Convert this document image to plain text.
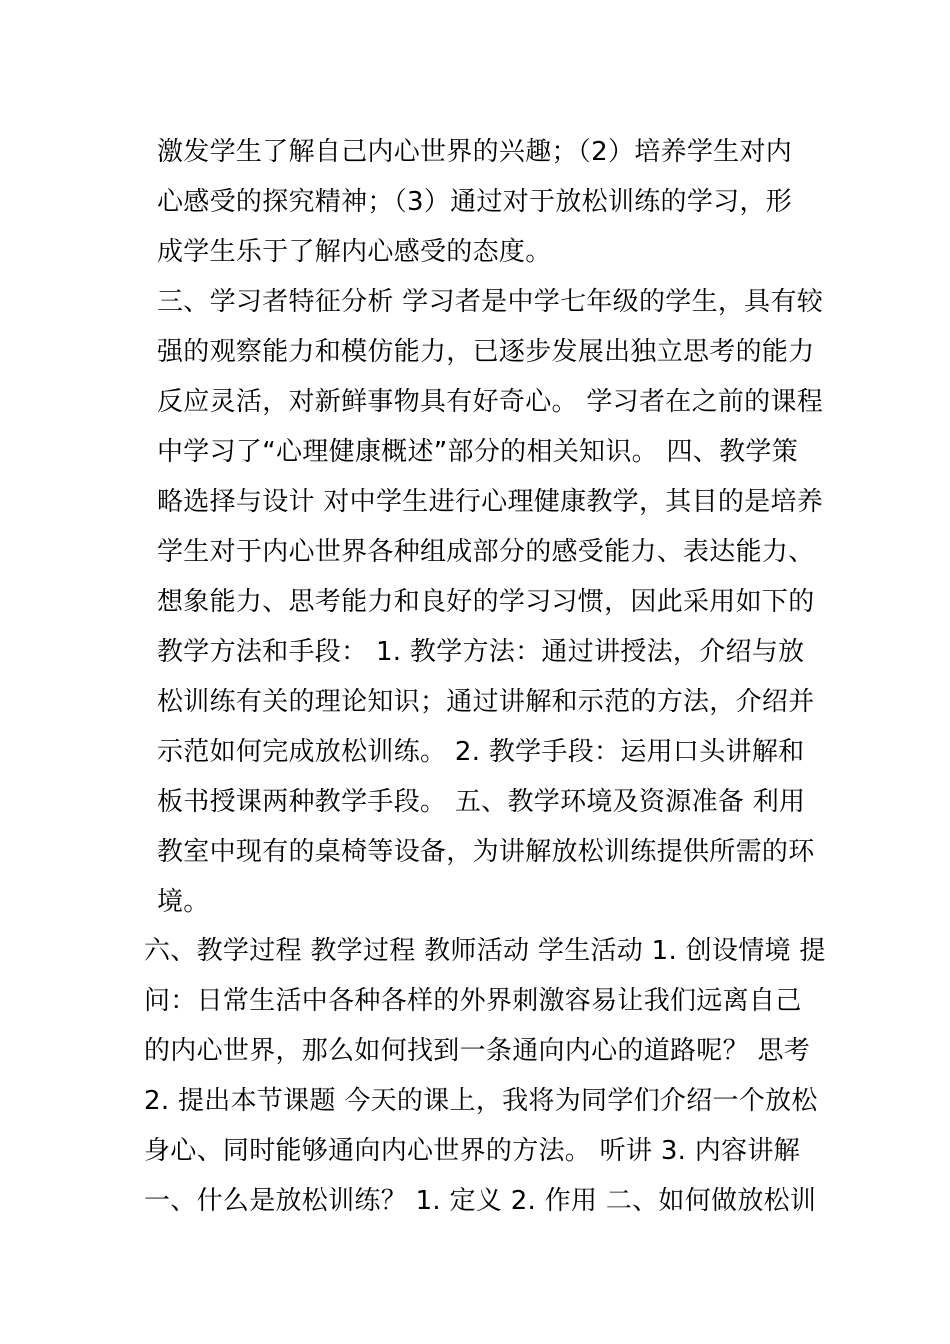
激发学生了解自己内心世界的兴趣；（2）培养学生对内
心感受的探究精神；（3）通过对于放松训练的学习，形
成学生乐于了解内心感受的态度。
三、学习者特征分析 学习者是中学七年级的学生，具有较
强的观察能力和模仿能力，已逐步发展出独立思考的能力
反应灵活，对新鲜事物具有好奇心。 学习者在之前的课程
中学习了“心理健康概述”部分的相关知识。 四、教学策
略选择与设计 对中学生进行心理健康教学，其目的是培养
学生对于内心世界各种组成部分的感受能力、表达能力、
想象能力、思考能力和良好的学习习惯，因此采用如下的
教学方法和手段： 1. 教学方法：通过讲授法，介绍与放
松训练有关的理论知识；通过讲解和示范的方法，介绍并
示范如何完成放松训练。 2. 教学手段：运用口头讲解和
板书授课两种教学手段。 五、教学环境及资源准备 利用
教室中现有的桌椅等设备，为讲解放松训练提供所需的环
境。
六、教学过程 教学过程 教师活动 学生活动 1. 创设情境 提
问：日常生活中各种各样的外界刺激容易让我们远离自己
的内心世界，那么如何找到一条通向内心的道路呢？ 思考
2. 提出本节课题 今天的课上，我将为同学们介绍一个放松
身心、同时能够通向内心世界的方法。 听讲 3. 内容讲解
一、什么是放松训练？ 1. 定义 2. 作用 二、如何做放松训
